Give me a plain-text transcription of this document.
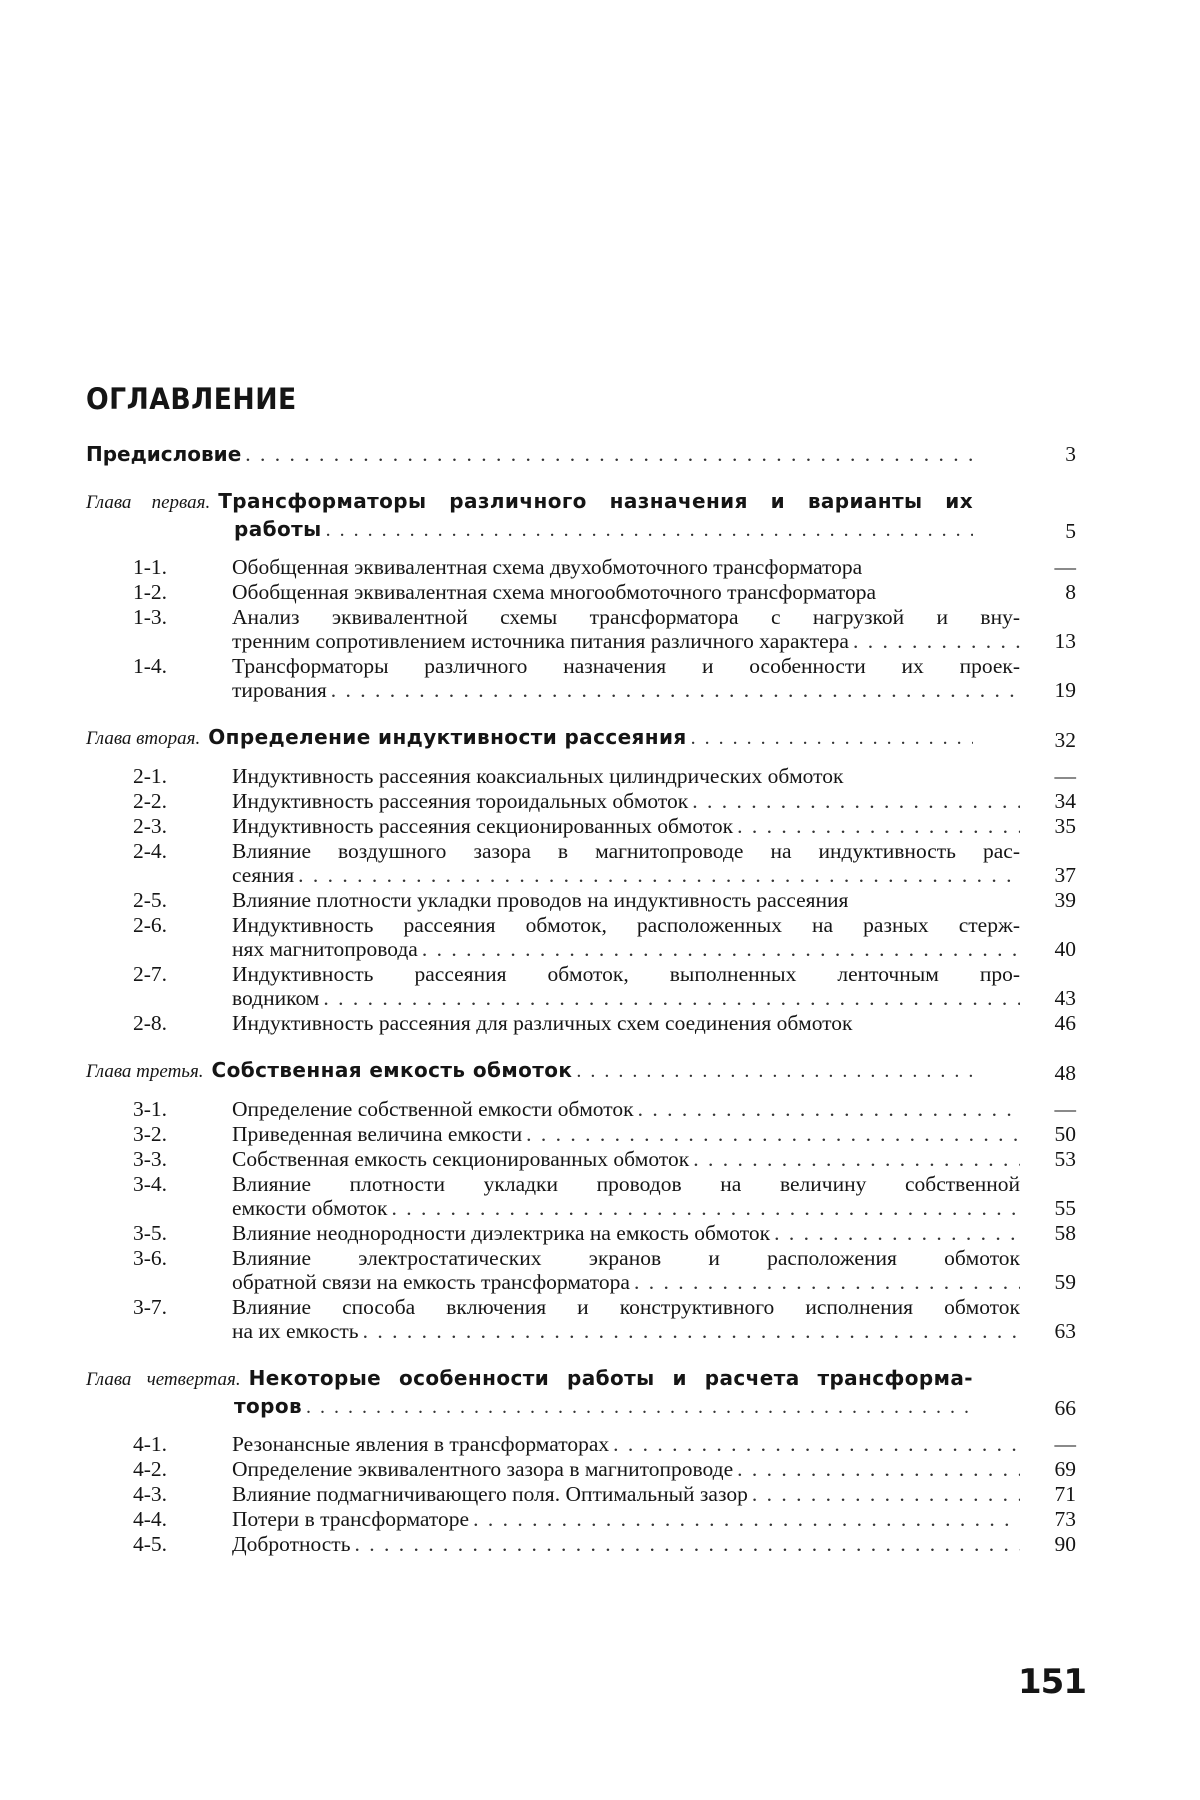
ОГЛАВЛЕНИЕ
Предисловие . . .	3
Глава первая. Трансформаторы различного назначения и варианты их
работы . . .	5
1-1.	Обобщенная эквивалентная схема двухобмоточного трансформатора	—
1-2.	Обобщенная эквивалентная схема многообмоточного трансформатора	8
1-3.	Анализ эквивалентной схемы трансформатора с нагрузкой и вну-
тренним сопротивлением источника питания различного характера . . .	13
1-4.	Трансформаторы различного назначения и особенности их проек-
тирования . . .	19
Глава вторая. Определение индуктивности рассеяния . . .	32
2-1.	Индуктивность рассеяния коаксиальных цилиндрических обмоток	—
2-2.	Индуктивность рассеяния тороидальных обмоток . . .	34
2-3.	Индуктивность рассеяния секционированных обмоток . . .	35
2-4.	Влияние воздушного зазора в магнитопроводе на индуктивность рас-
сеяния . . .	37
2-5.	Влияние плотности укладки проводов на индуктивность рассеяния	39
2-6.	Индуктивность рассеяния обмоток, расположенных на разных стерж-
нях магнитопровода . . .	40
2-7.	Индуктивность рассеяния обмоток, выполненных ленточным про-
водником . . .	43
2-8.	Индуктивность рассеяния для различных схем соединения обмоток	46
Глава третья. Собственная емкость обмоток . . .	48
3-1.	Определение собственной емкости обмоток . . .	—
3-2.	Приведенная величина емкости . . .	50
3-3.	Собственная емкость секционированных обмоток . . .	53
3-4.	Влияние плотности укладки проводов на величину собственной
емкости обмоток . . .	55
3-5.	Влияние неоднородности диэлектрика на емкость обмоток . . .	58
3-6.	Влияние электростатических экранов и расположения обмоток
обратной связи на емкость трансформатора . . .	59
3-7.	Влияние способа включения и конструктивного исполнения обмоток
на их емкость . . .	63
Глава четвертая. Некоторые особенности работы и расчета трансформа-
торов . . .	66
4-1.	Резонансные явления в трансформаторах . . .	—
4-2.	Определение эквивалентного зазора в магнитопроводе . . .	69
4-3.	Влияние подмагничивающего поля. Оптимальный зазор . . .	71
4-4.	Потери в трансформаторе . . .	73
4-5.	Добротность . . .	90
151
